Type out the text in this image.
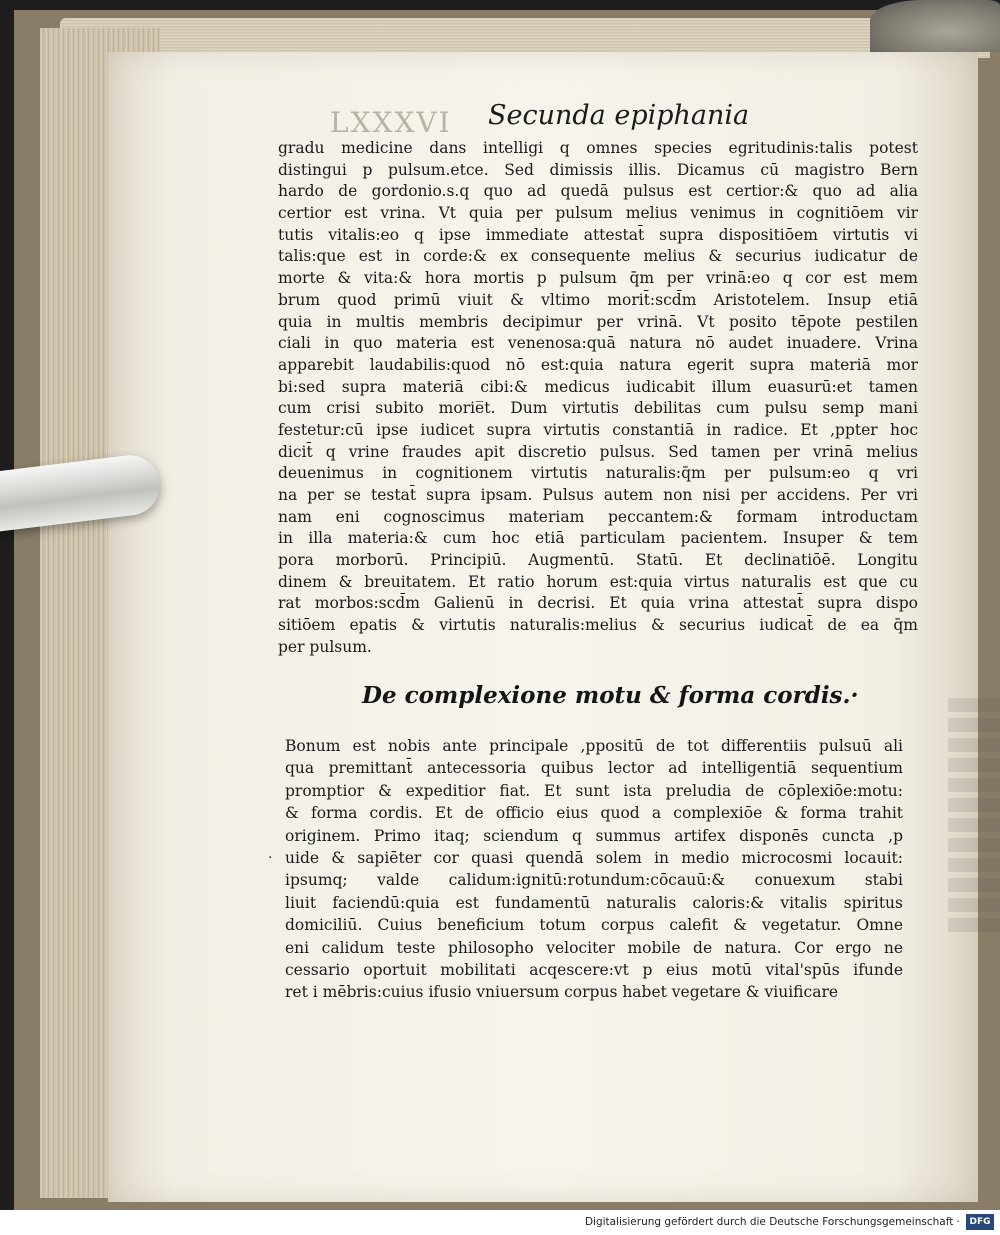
LXXXVI Secunda epiphania
gradu medicine dans intelligi q omnes species egritudinis:talis potest
distingui p pulsum.etce. Sed dimissis illis. Dicamus cū magistro Bern
hardo de gordonio.s.q quo ad quedā pulsus est certior:& quo ad alia
certior est vrina. Vt quia per pulsum melius venimus in cognitiōem vir
tutis vitalis:eo q ipse immediate attestat̄ supra dispositiōem virtutis vi
talis:que est in corde:& ex consequente melius & securius iudicatur de
morte & vita:& hora mortis p pulsum q̄m per vrinā:eo q cor est mem
brum quod primū viuit & vltimo morit̄:scd̄m Aristotelem. Insup etiā
quia in multis membris decipimur per vrinā. Vt posito tēpote pestilen
ciali in quo materia est venenosa:quā natura nō audet inuadere. Vrina
apparebit laudabilis:quod nō est:quia natura egerit supra materiā mor
bi:sed supra materiā cibi:& medicus iudicabit illum euasurū:et tamen
cum crisi subito morie̅t. Dum virtutis debilitas cum pulsu semp mani
festetur:cū ipse iudicet supra virtutis constantiā in radice. Et ,ppter hoc
dicit̄ q vrine fraudes apit discretio pulsus. Sed tamen per vrinā melius
deuenimus in cognitionem virtutis naturalis:q̄m per pulsum:eo q vri
na per se testat̄ supra ipsam. Pulsus autem non nisi per accidens. Per vri
nam eni cognoscimus materiam peccantem:& formam introductam
in illa materia:& cum hoc etiā particulam pacientem. Insuper & tem
pora morborū. Principiū. Augmentū. Statū. Et declinatiōē. Longitu
dinem & breuitatem. Et ratio horum est:quia virtus naturalis est que cu
rat morbos:scd̄m Galienū in decrisi. Et quia vrina attestat̄ supra dispo
sitiōem epatis & virtutis naturalis:melius & securius iudicat̄ de ea q̄m
per pulsum.
De complexione motu & forma cordis.·
·
Bonum est nobis ante principale ,ppositū de tot differentiis pulsuū ali
qua premittant̄ antecessoria quibus lector ad intelligentiā sequentium
promptior & expeditior fiat. Et sunt ista preludia de cōplexiōe:motu:
& forma cordis. Et de officio eius quod a complexiōe & forma trahit
originem. Primo itaq; sciendum q summus artifex disponēs cuncta ,p
uide & sapiēter cor quasi quendā solem in medio microcosmi locauit:
ipsumq; valde calidum:ignitū:rotundum:cōcauū:& conuexum stabi
liuit faciendū:quia est fundamentū naturalis caloris:& vitalis spiritus
domiciliū. Cuius beneficium totum corpus calefit & vegetatur. Omne
eni calidum teste philosopho velociter mobile de natura. Cor ergo ne
cessario oportuit mobilitati acqescere:vt p eius motū vital'spūs ifunde
ret i mēbris:cuius ifusio vniuersum corpus habet vegetare & viuificare
Digitalisierung gefördert durch die Deutsche Forschungsgemeinschaft ·	DFG
